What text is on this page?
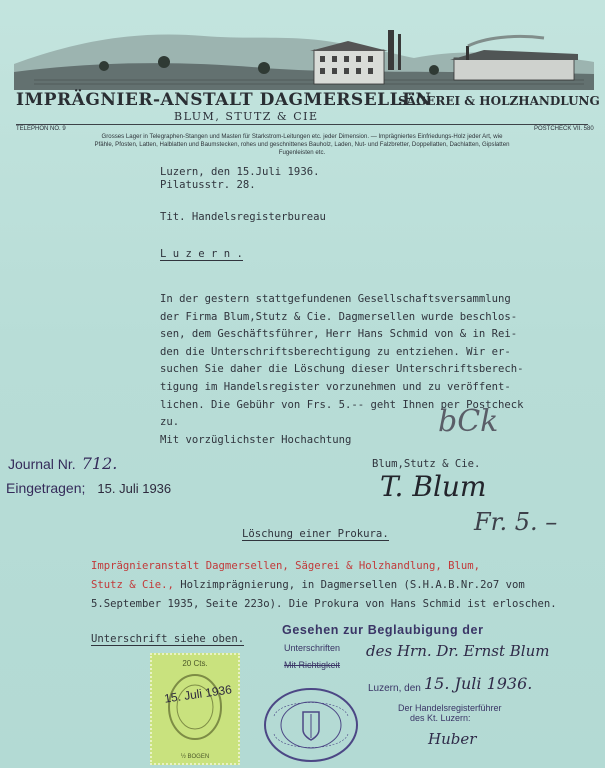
IMPRÄGNIER-ANSTALT DAGMERSELLEN
SÄGEREI & HOLZHANDLUNG
BLUM, STUTZ & CIE
TELEPHON NO. 9	POSTCHECK VII. 580
Grosses Lager in Telegraphen-Stangen und Masten für Starkstrom-Leitungen etc. jeder Dimension. — Imprägniertes Einfriedungs-Holz jeder Art, wie
Pfähle, Pfosten, Latten, Halblatten und Baumstecken, rohes und geschnittenes Bauholz, Laden, Nut- und Falzbretter, Doppellatten, Dachlatten, Gipslatten
Fugenleisten etc.
Luzern, den 15.Juli 1936.
Pilatusstr. 28.
Tit. Handelsregisterbureau
L u z e r n .
In der gestern stattgefundenen Gesellschaftsversammlung
der Firma Blum,Stutz & Cie. Dagmersellen wurde beschlos-
sen, dem Geschäftsführer, Herr Hans Schmid von & in Rei-
den die Unterschriftsberechtigung zu entziehen. Wir er-
suchen Sie daher die Löschung dieser Unterschriftsberech-
tigung im Handelsregister vorzunehmen und zu veröffent-
lichen. Die Gebühr von Frs. 5.-- geht Ihnen per Postcheck
zu.
Mit vorzüglichster Hochachtung
bCk
Blum,Stutz & Cie.
T. Blum
Fr. 5. –
Löschung einer Prokura.
Imprägnieranstalt Dagmersellen, Sägerei & Holzhandlung, Blum,
Stutz & Cie., Holzimprägnierung, in Dagmersellen (S.H.A.B.Nr.2o7 vom
5.September 1935, Seite 223o). Die Prokura von Hans Schmid ist erloschen.
Unterschrift siehe oben.
Journal Nr. 712.
Eingetragen; 15. Juli 1936
Gesehen zur Beglaubigung der
Unterschriften
Mit Richtigkeit
des Hrn. Dr. Ernst Blum
Luzern, den 15. Juli 1936.
Der Handelsregisterführer
des Kt. Luzern:
Huber
20 Cts.
15. Juli 1936
½ BOGEN
